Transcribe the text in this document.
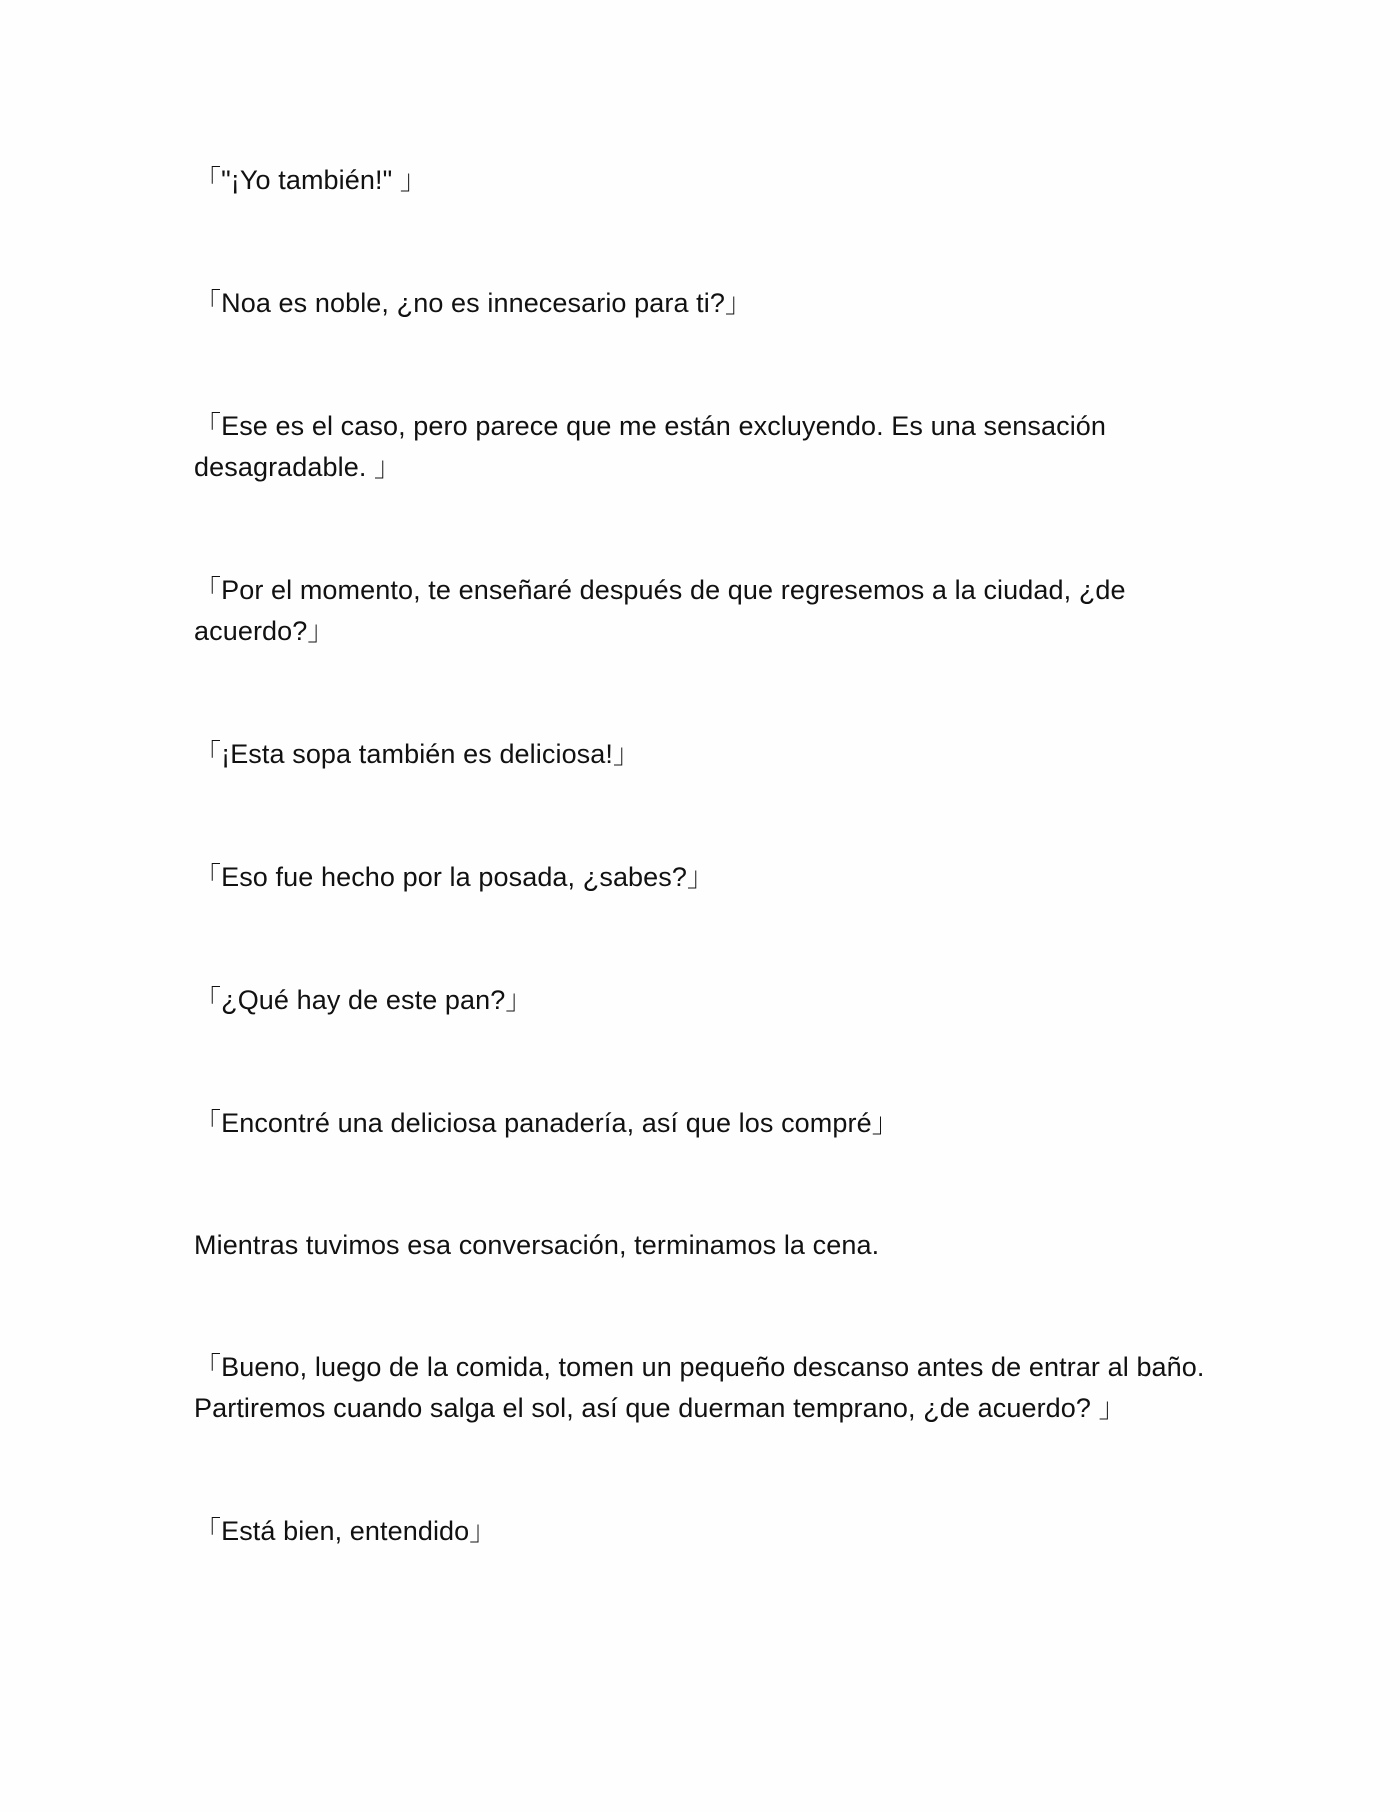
「"¡Yo también!" 」

「Noa es noble, ¿no es innecesario para ti?」

「Ese es el caso, pero parece que me están excluyendo. Es una sensación desagradable. 」

「Por el momento, te enseñaré después de que regresemos a la ciudad, ¿de acuerdo?」

「¡Esta sopa también es deliciosa!」

「Eso fue hecho por la posada, ¿sabes?」

「¿Qué hay de este pan?」

「Encontré una deliciosa panadería, así que los compré」

Mientras tuvimos esa conversación, terminamos la cena.

「Bueno, luego de la comida, tomen un pequeño descanso antes de entrar al baño. Partiremos cuando salga el sol, así que duerman temprano, ¿de acuerdo? 」

「Está bien, entendido」
